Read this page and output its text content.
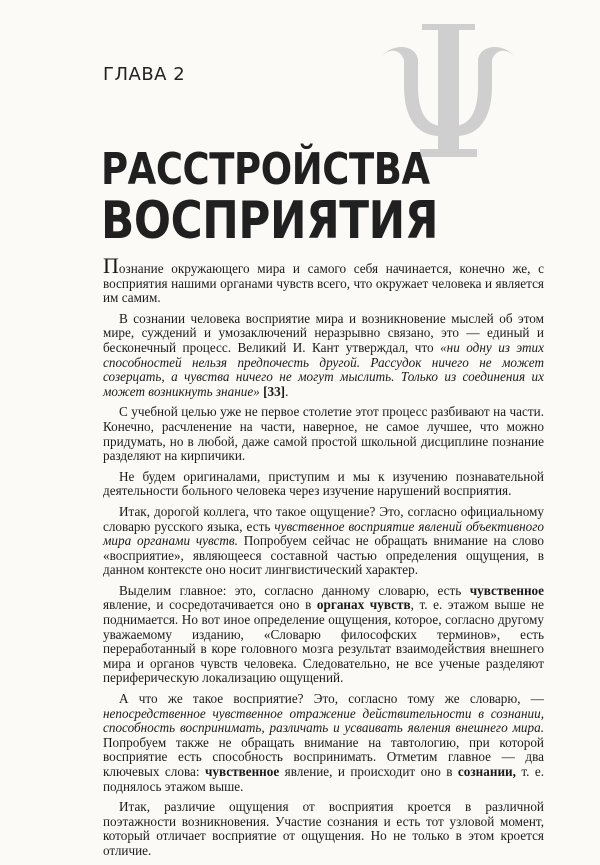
ГЛАВА 2
РАССТРОЙСТВА
ВОСПРИЯТИЯ

Познание окружающего мира и самого себя начинается, конечно же, с восприятия нашими органами чувств всего, что окружает человека и является им самим.

В сознании человека восприятие мира и возникновение мыслей об этом мире, суждений и умозаключений неразрывно связано, это — единый и бесконечный процесс. Великий И. Кант утверждал, что «ни одну из этих способностей нельзя предпочесть другой. Рассудок ничего не может созерцать, а чувства ничего не могут мыслить. Только из соединения их может возникнуть знание» [33].

С учебной целью уже не первое столетие этот процесс разбивают на части. Конечно, расчленение на части, наверное, не самое лучшее, что можно придумать, но в любой, даже самой простой школьной дисциплине познание разделяют на кирпичики.

Не будем оригиналами, приступим и мы к изучению познавательной деятельности больного человека через изучение нарушений восприятия.

Итак, дорогой коллега, что такое ощущение? Это, согласно официальному словарю русского языка, есть чувственное восприятие явлений объективного мира органами чувств. Попробуем сейчас не обращать внимание на слово «восприятие», являющееся составной частью определения ощущения, в данном контексте оно носит лингвистический характер.

Выделим главное: это, согласно данному словарю, есть чувственное явление, и сосредотачивается оно в органах чувств, т. е. этажом выше не поднимается. Но вот иное определение ощущения, которое, согласно другому уважаемому изданию, «Словарю философских терминов», есть переработанный в коре головного мозга результат взаимодействия внешнего мира и органов чувств человека. Следовательно, не все ученые разделяют периферическую локализацию ощущений.

А что же такое восприятие? Это, согласно тому же словарю, — непосредственное чувственное отражение действительности в сознании, способность воспринимать, различать и усваивать явления внешнего мира. Попробуем также не обращать внимание на тавтологию, при которой восприятие есть способность воспринимать. Отметим главное — два ключевых слова: чувственное явление, и происходит оно в сознании, т. е. поднялось этажом выше.

Итак, различие ощущения от восприятия кроется в различной поэтажности возникновения. Участие сознания и есть тот узловой момент, который отличает восприятие от ощущения. Но не только в этом кроется отличие.
